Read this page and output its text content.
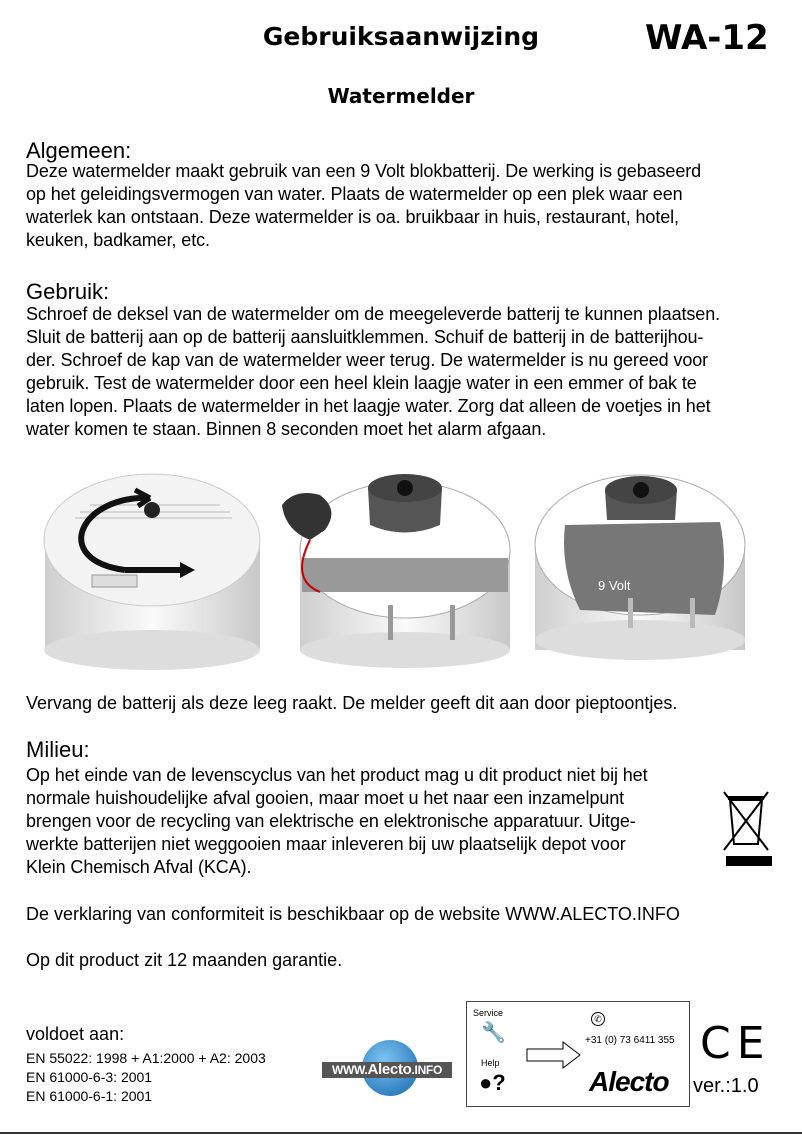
Gebruiksaanwijzing	WA-12
Watermelder
Algemeen:
Deze watermelder maakt gebruik van een 9 Volt blokbatterij. De werking is gebaseerd
op het geleidingsvermogen van water. Plaats de watermelder op een plek waar een
waterlek kan ontstaan. Deze watermelder is oa. bruikbaar in huis, restaurant, hotel,
keuken, badkamer, etc.
Gebruik:
Schroef de deksel van de watermelder om de meegeleverde batterij te kunnen plaatsen.
Sluit de batterij aan op de batterij aansluitklemmen. Schuif de batterij in de batterijhou-
der. Schroef de kap van de watermelder weer terug. De watermelder is nu gereed voor
gebruik. Test de watermelder door een heel klein laagje water in een emmer of bak te
laten lopen. Plaats de watermelder in het laagje water. Zorg dat alleen de voetjes in het
water komen te staan. Binnen 8 seconden moet het alarm afgaan.
9 Volt
Vervang de batterij als deze leeg raakt. De melder geeft dit aan door pieptoontjes.
Milieu:
Op het einde van de levenscyclus van het product mag u dit product niet bij het
normale huishoudelijke afval gooien, maar moet u het naar een inzamelpunt
brengen voor de recycling van elektrische en elektronische apparatuur. Uitge-
werkte batterijen niet weggooien maar inleveren bij uw plaatselijk depot voor
Klein Chemisch Afval (KCA).
De verklaring van conformiteit is beschikbaar op de website WWW.ALECTO.INFO
Op dit product zit 12 maanden garantie.
voldoet aan:
EN 55022: 1998 + A1:2000 + A2: 2003
EN 61000-6-3: 2001
EN 61000-6-1: 2001
WWW.Alecto.INFO
Service
🔧
Help
●?
✆
+31 (0) 73 6411 355
Alecto
CE
ver.:1.0
